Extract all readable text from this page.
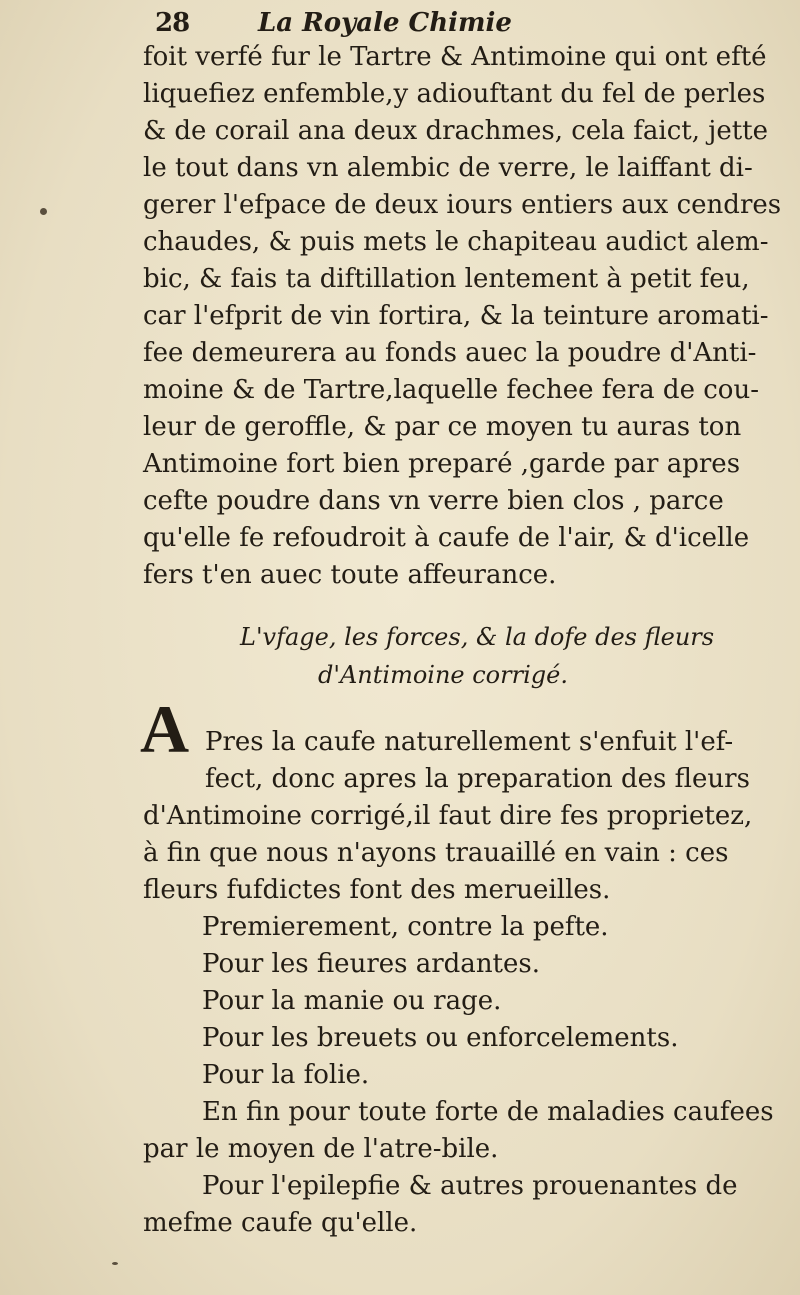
28	La Royale Chimie
foit verfé fur le Tartre & Antimoine qui ont efté
liquefiez enfemble,y adiouftant du fel de perles
& de corail ana deux drachmes, cela faict, jette
le tout dans vn alembic de verre, le laiffant di-
gerer l'efpace de deux iours entiers aux cendres
chaudes, & puis mets le chapiteau audict alem-
bic, & fais ta diftillation lentement à petit feu,
car l'efprit de vin fortira, & la teinture aromati-
fee demeurera au fonds auec la poudre d'Anti-
moine & de Tartre,laquelle fechee fera de cou-
leur de geroffle, & par ce moyen tu auras ton
Antimoine fort bien preparé ,garde par apres
cefte poudre dans vn verre bien clos , parce
qu'elle fe refoudroit à caufe de l'air, & d'icelle
fers t'en auec toute affeurance.
L'vfage, les forces, & la dofe des fleurs
d'Antimoine corrigé.
A Pres la caufe naturellement s'enfuit l'ef-
fect, donc apres la preparation des fleurs
d'Antimoine corrigé,il faut dire fes proprietez,
à fin que nous n'ayons trauaillé en vain : ces
fleurs fufdictes font des merueilles.
Premierement, contre la pefte.
Pour les fieures ardantes.
Pour la manie ou rage.
Pour les breuets ou enforcelements.
Pour la folie.
En fin pour toute forte de maladies caufees
par le moyen de l'atre-bile.
Pour l'epilepfie & autres prouenantes de
mefme caufe qu'elle.
